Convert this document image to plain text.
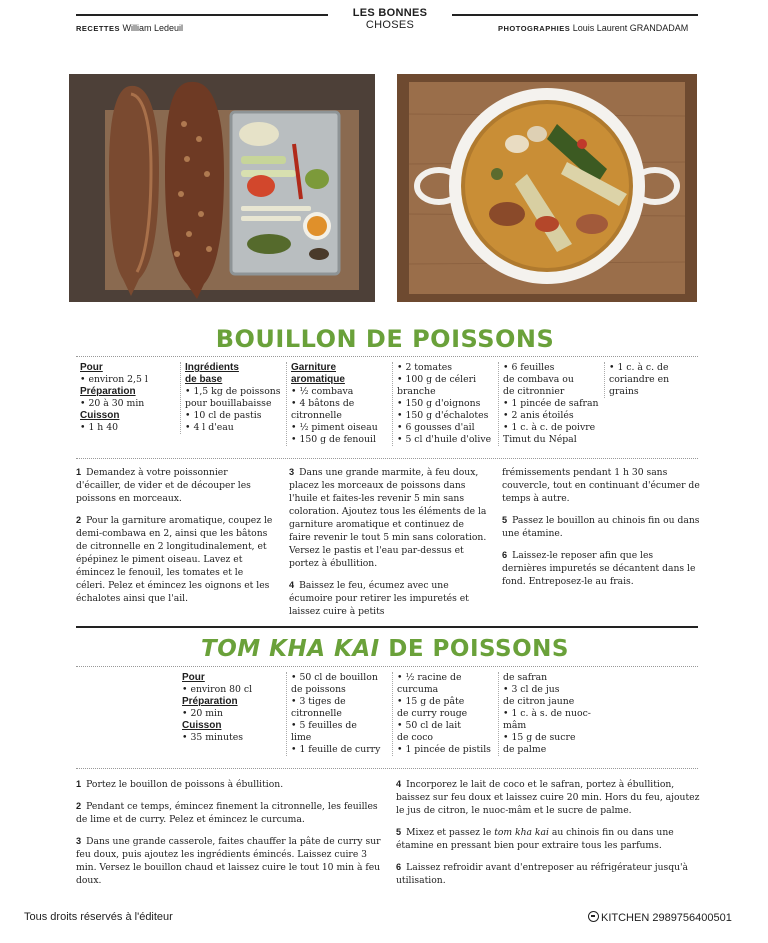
LES BONNES CHOSES
RECETTES William Ledeuil	PHOTOGRAPHIES Louis Laurent GRANDADAM
BOUILLON DE POISSONS
Pour
• environ 2,5 l
Préparation
• 20 à 30 min
Cuisson
• 1 h 40
Ingrédients
de base
• 1,5 kg de poissons
pour bouillabaisse
• 10 cl de pastis
• 4 l d'eau
Garniture
aromatique
• ½ combava
• 4 bâtons de
citronnelle
• ½ piment oiseau
• 150 g de fenouil
• 2 tomates
• 100 g de céleri
branche
• 150 g d'oignons
• 150 g d'échalotes
• 6 gousses d'ail
• 5 cl d'huile d'olive
• 6 feuilles
de combava ou
de citronnier
• 1 pincée de safran
• 2 anis étoilés
• 1 c. à c. de poivre
Timut du Népal
• 1 c. à c. de
coriandre en grains
1 Demandez à votre poissonnier d'écailler, de vider et de découper les poissons en morceaux.
2 Pour la garniture aromatique, coupez le demi-combawa en 2, ainsi que les bâtons de citronnelle en 2 longitudinalement, et épépinez le piment oiseau. Lavez et émincez le fenouil, les tomates et le céleri. Pelez et émincez les oignons et les échalotes ainsi que l'ail.
3 Dans une grande marmite, à feu doux, placez les morceaux de poissons dans l'huile et faites-les revenir 5 min sans coloration. Ajoutez tous les éléments de la garniture aromatique et continuez de faire revenir le tout 5 min sans coloration. Versez le pastis et l'eau par-dessus et portez à ébullition.
4 Baissez le feu, écumez avec une écumoire pour retirer les impuretés et laissez cuire à petits
frémissements pendant 1 h 30 sans couvercle, tout en continuant d'écumer de temps à autre.
5 Passez le bouillon au chinois fin ou dans une étamine.
6 Laissez-le reposer afin que les dernières impuretés se décantent dans le fond. Entreposez-le au frais.
TOM KHA KAI DE POISSONS
Pour
• environ 80 cl
Préparation
• 20 min
Cuisson
• 35 minutes
• 50 cl de bouillon
de poissons
• 3 tiges de
citronnelle
• 5 feuilles de
lime
• 1 feuille de curry
• ½ racine de
curcuma
• 15 g de pâte
de curry rouge
• 50 cl de lait
de coco
• 1 pincée de pistils
de safran
• 3 cl de jus
de citron jaune
• 1 c. à s. de nuoc-
mâm
• 15 g de sucre
de palme
1 Portez le bouillon de poissons à ébullition.
2 Pendant ce temps, émincez finement la citronnelle, les feuilles de lime et de curry. Pelez et émincez le curcuma.
3 Dans une grande casserole, faites chauffer la pâte de curry sur feu doux, puis ajoutez les ingrédients émincés. Laissez cuire 3 min. Versez le bouillon chaud et laissez cuire le tout 10 min à feu doux.
4 Incorporez le lait de coco et le safran, portez à ébullition, baissez sur feu doux et laissez cuire 20 min. Hors du feu, ajoutez le jus de citron, le nuoc-mâm et le sucre de palme.
5 Mixez et passez le tom kha kai au chinois fin ou dans une étamine en pressant bien pour extraire tous les parfums.
6 Laissez refroidir avant d'entreposer au réfrigérateur jusqu'à utilisation.
Tous droits réservés à l'éditeur	KITCHEN 2989756400501
